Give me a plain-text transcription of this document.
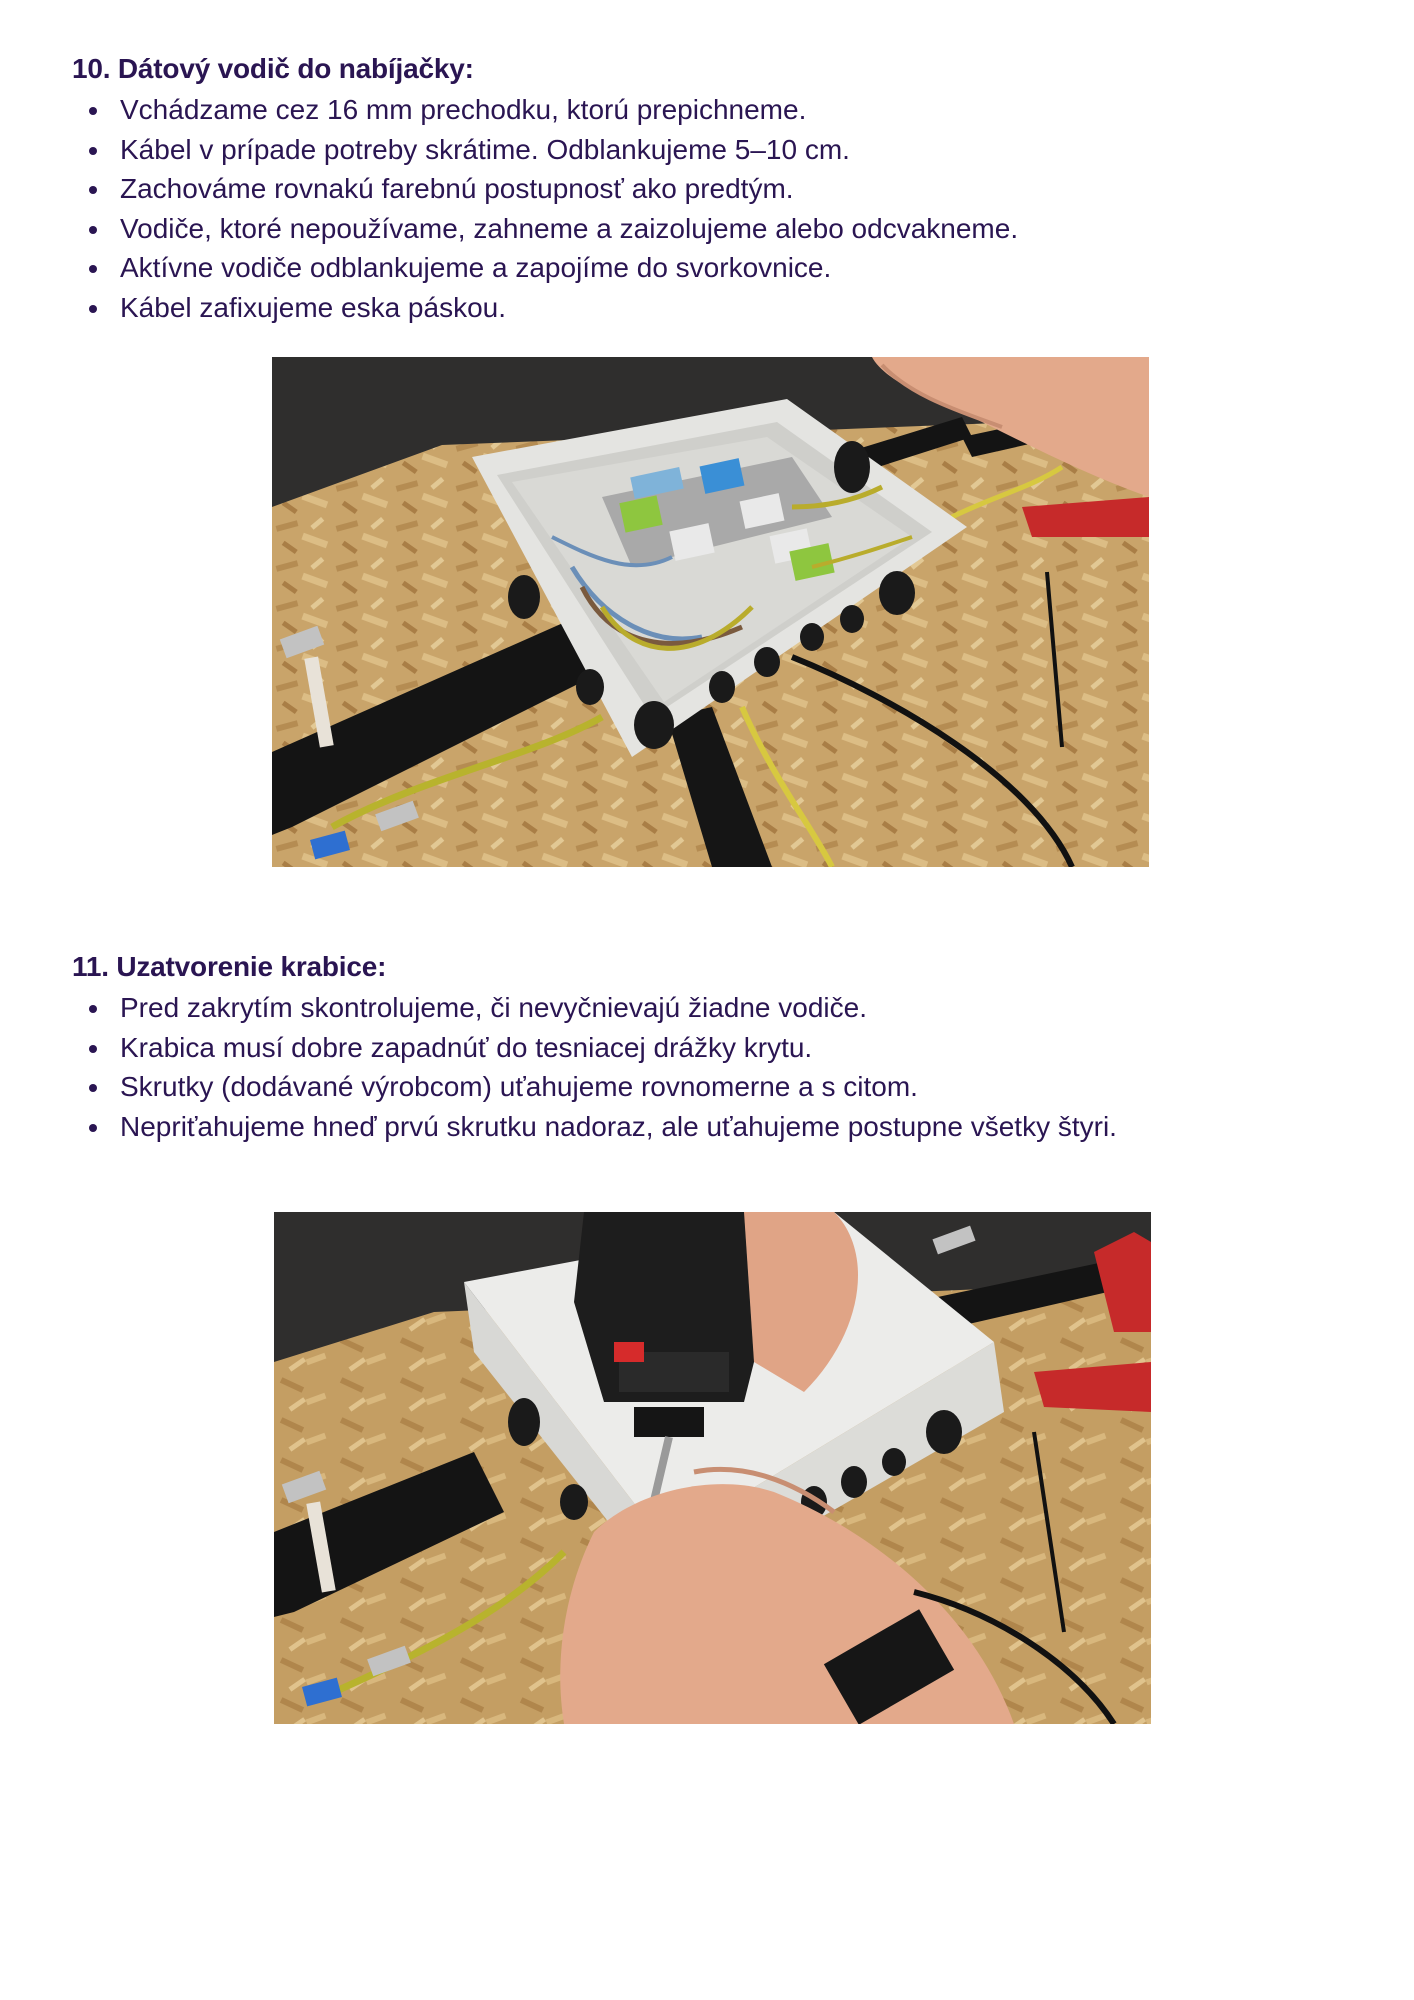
10. Dátový vodič do nabíjačky:
Vchádzame cez 16 mm prechodku, ktorú prepichneme.
Kábel v prípade potreby skrátime. Odblankujeme 5–10 cm.
Zachováme rovnakú farebnú postupnosť ako predtým.
Vodiče, ktoré nepoužívame, zahneme a zaizolujeme alebo odcvakneme.
Aktívne vodiče odblankujeme a zapojíme do svorkovnice.
Kábel zafixujeme eska páskou.
11. Uzatvorenie krabice:
Pred zakrytím skontrolujeme, či nevyčnievajú žiadne vodiče.
Krabica musí dobre zapadnúť do tesniacej drážky krytu.
Skrutky (dodávané výrobcom) uťahujeme rovnomerne a s citom.
Nepriťahujeme hneď prvú skrutku nadoraz, ale uťahujeme postupne všetky štyri.
